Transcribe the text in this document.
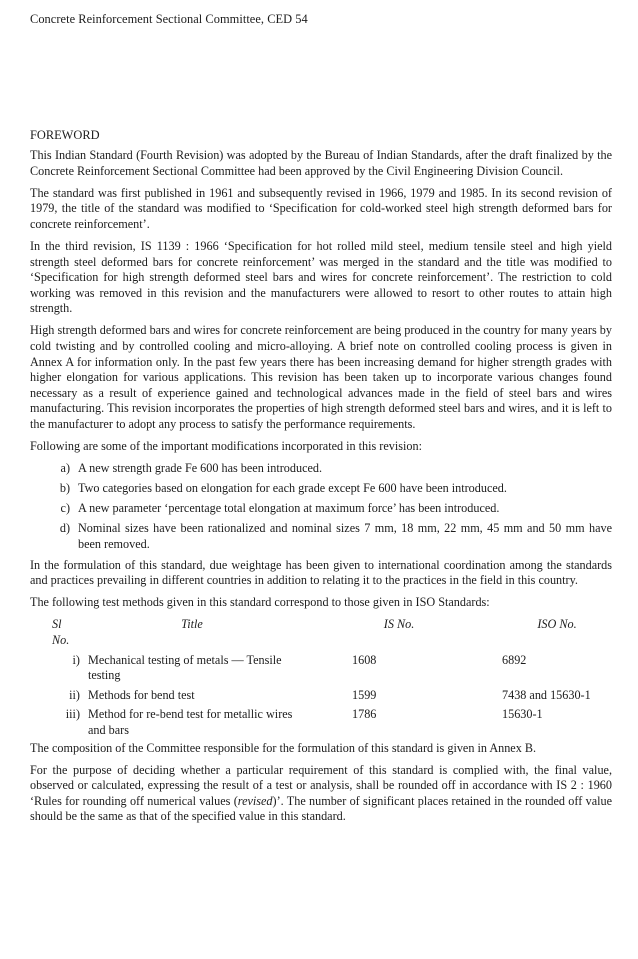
Concrete Reinforcement Sectional Committee, CED 54
FOREWORD

This Indian Standard (Fourth Revision) was adopted by the Bureau of Indian Standards, after the draft finalized by the Concrete Reinforcement Sectional Committee had been approved by the Civil Engineering Division Council.

The standard was first published in 1961 and subsequently revised in 1966, 1979 and 1985. In its second revision of 1979, the title of the standard was modified to ‘Specification for cold-worked steel high strength deformed bars for concrete reinforcement’.

In the third revision, IS 1139 : 1966 ‘Specification for hot rolled mild steel, medium tensile steel and high yield strength steel deformed bars for concrete reinforcement’ was merged in the standard and the title was modified to ‘Specification for high strength deformed steel bars and wires for concrete reinforcement’. The restriction to cold working was removed in this revision and the manufacturers were allowed to resort to other routes to attain high strength.

High strength deformed bars and wires for concrete reinforcement are being produced in the country for many years by cold twisting and by controlled cooling and micro-alloying. A brief note on controlled cooling process is given in Annex A for information only. In the past few years there has been increasing demand for higher strength grades with higher elongation for various applications. This revision has been taken up to incorporate various changes found necessary as a result of experience gained and technological advances made in the field of steel bars and wires manufacturing. This revision incorporates the properties of high strength deformed steel bars and wires, and it is left to the manufacturer to adopt any process to satisfy the performance requirements.

Following are some of the important modifications incorporated in this revision:

a) A new strength grade Fe 600 has been introduced.
b) Two categories based on elongation for each grade except Fe 600 have been introduced.
c) A new parameter ‘percentage total elongation at maximum force’ has been introduced.
d) Nominal sizes have been rationalized and nominal sizes 7 mm, 18 mm, 22 mm, 45 mm and 50 mm have been removed.

In the formulation of this standard, due weightage has been given to international coordination among the standards and practices prevailing in different countries in addition to relating it to the practices in the field in this country.

The following test methods given in this standard correspond to those given in ISO Standards:

Sl
No.	Title	IS No.	ISO No.
i)	Mechanical testing of metals — Tensile testing	1608	6892
ii)	Methods for bend test	1599	7438 and 15630-1
iii)	Method for re-bend test for metallic wires and bars	1786	15630-1

The composition of the Committee responsible for the formulation of this standard is given in Annex B.

For the purpose of deciding whether a particular requirement of this standard is complied with, the final value, observed or calculated, expressing the result of a test or analysis, shall be rounded off in accordance with IS 2 : 1960 ‘Rules for rounding off numerical values (revised)’. The number of significant places retained in the rounded off value should be the same as that of the specified value in this standard.
